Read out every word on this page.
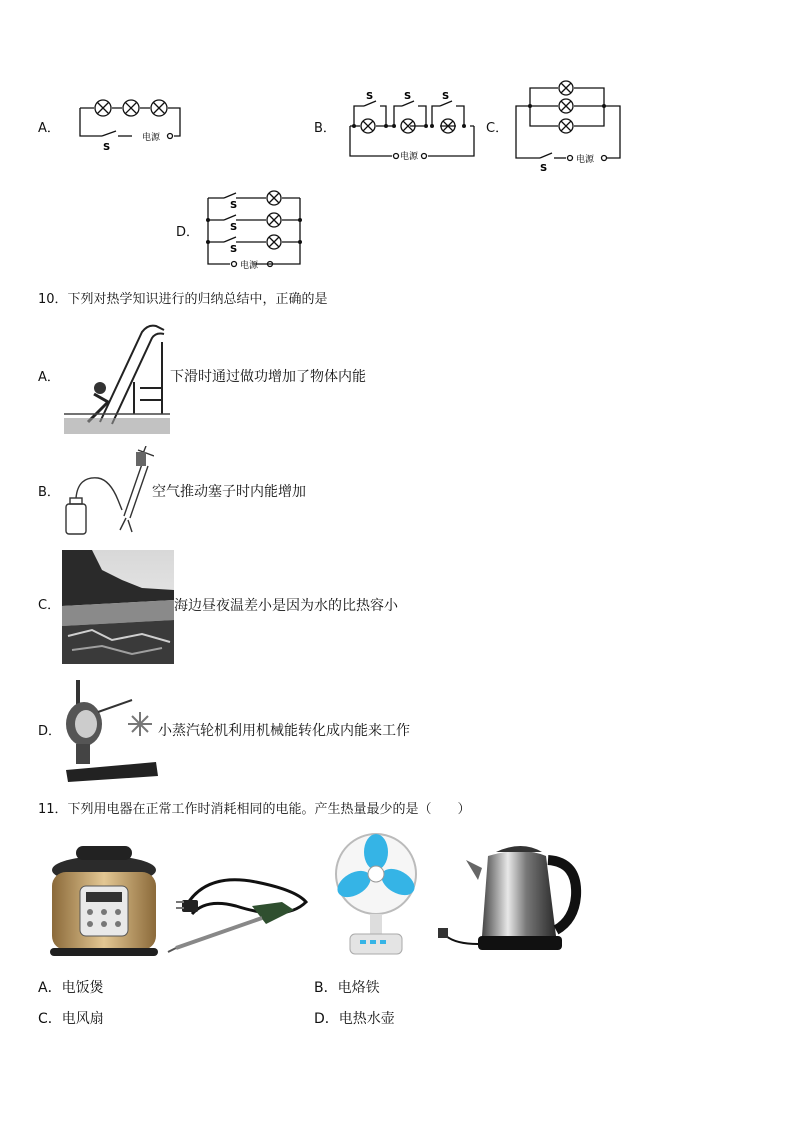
A．
电源
S
B．
S	S	S
电源
C．
电源
S
D．
S
S
S
电源
10．下列对热学知识进行的归纳总结中，正确的是
A．	下滑时通过做功增加了物体内能
B．	空气推动塞子时内能增加
C．	海边昼夜温差小是因为水的比热容小
D．	小蒸汽轮机利用机械能转化成内能来工作
11．下列用电器在正常工作时消耗相同的电能。产生热量最少的是（　　）
A．电饭煲	B．电烙铁
C．电风扇	D．电热水壶
